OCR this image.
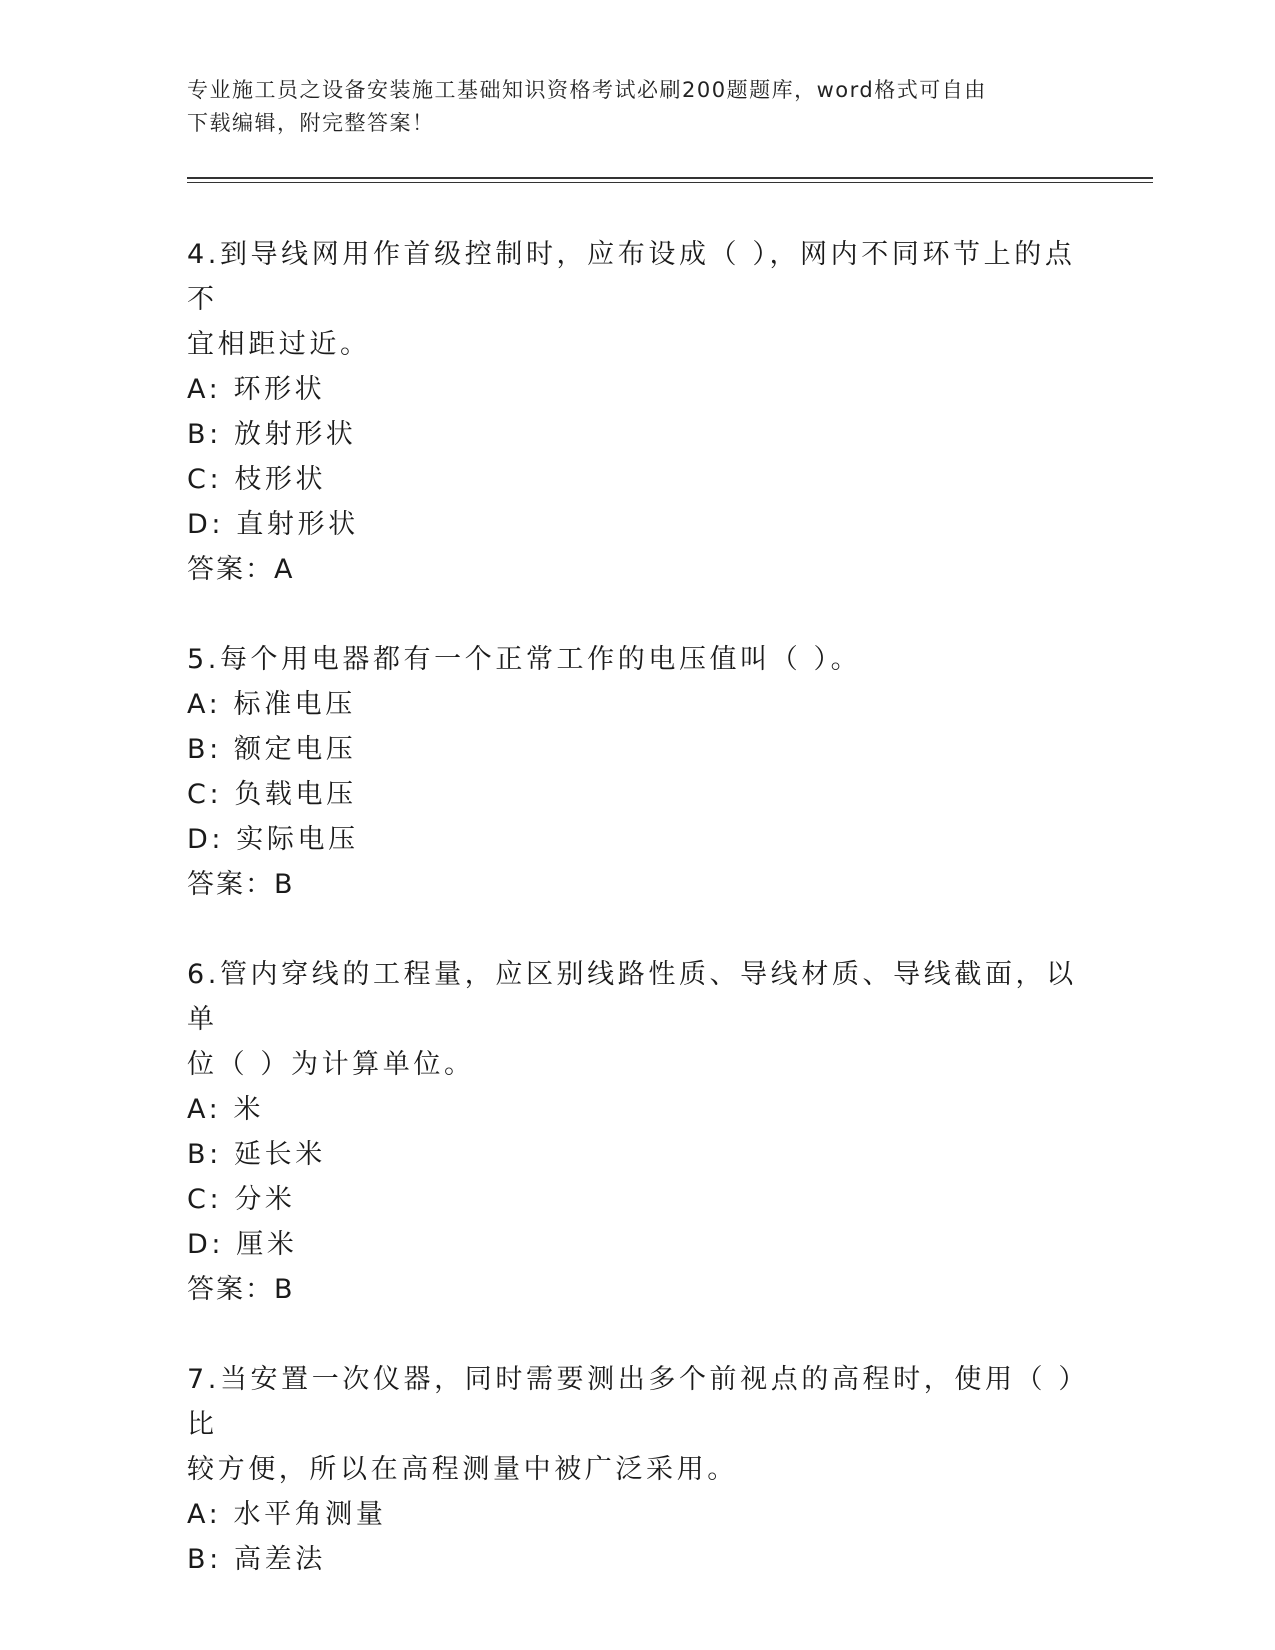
专业施工员之设备安装施工基础知识资格考试必刷200题题库，word格式可自由
下载编辑，附完整答案！

4.到导线网用作首级控制时，应布设成（ ），网内不同环节上的点不

宜相距过近。

A: 环形状

B: 放射形状

C: 枝形状

D: 直射形状

答案：A

5.每个用电器都有一个正常工作的电压值叫（ ）。

A: 标准电压

B: 额定电压

C: 负载电压

D: 实际电压

答案：B

6.管内穿线的工程量，应区别线路性质、导线材质、导线截面，以单

位（ ）为计算单位。

A: 米

B: 延长米

C: 分米

D: 厘米

答案：B

7.当安置一次仪器，同时需要测出多个前视点的高程时，使用（ ）比

较方便，所以在高程测量中被广泛采用。

A: 水平角测量

B: 高差法
